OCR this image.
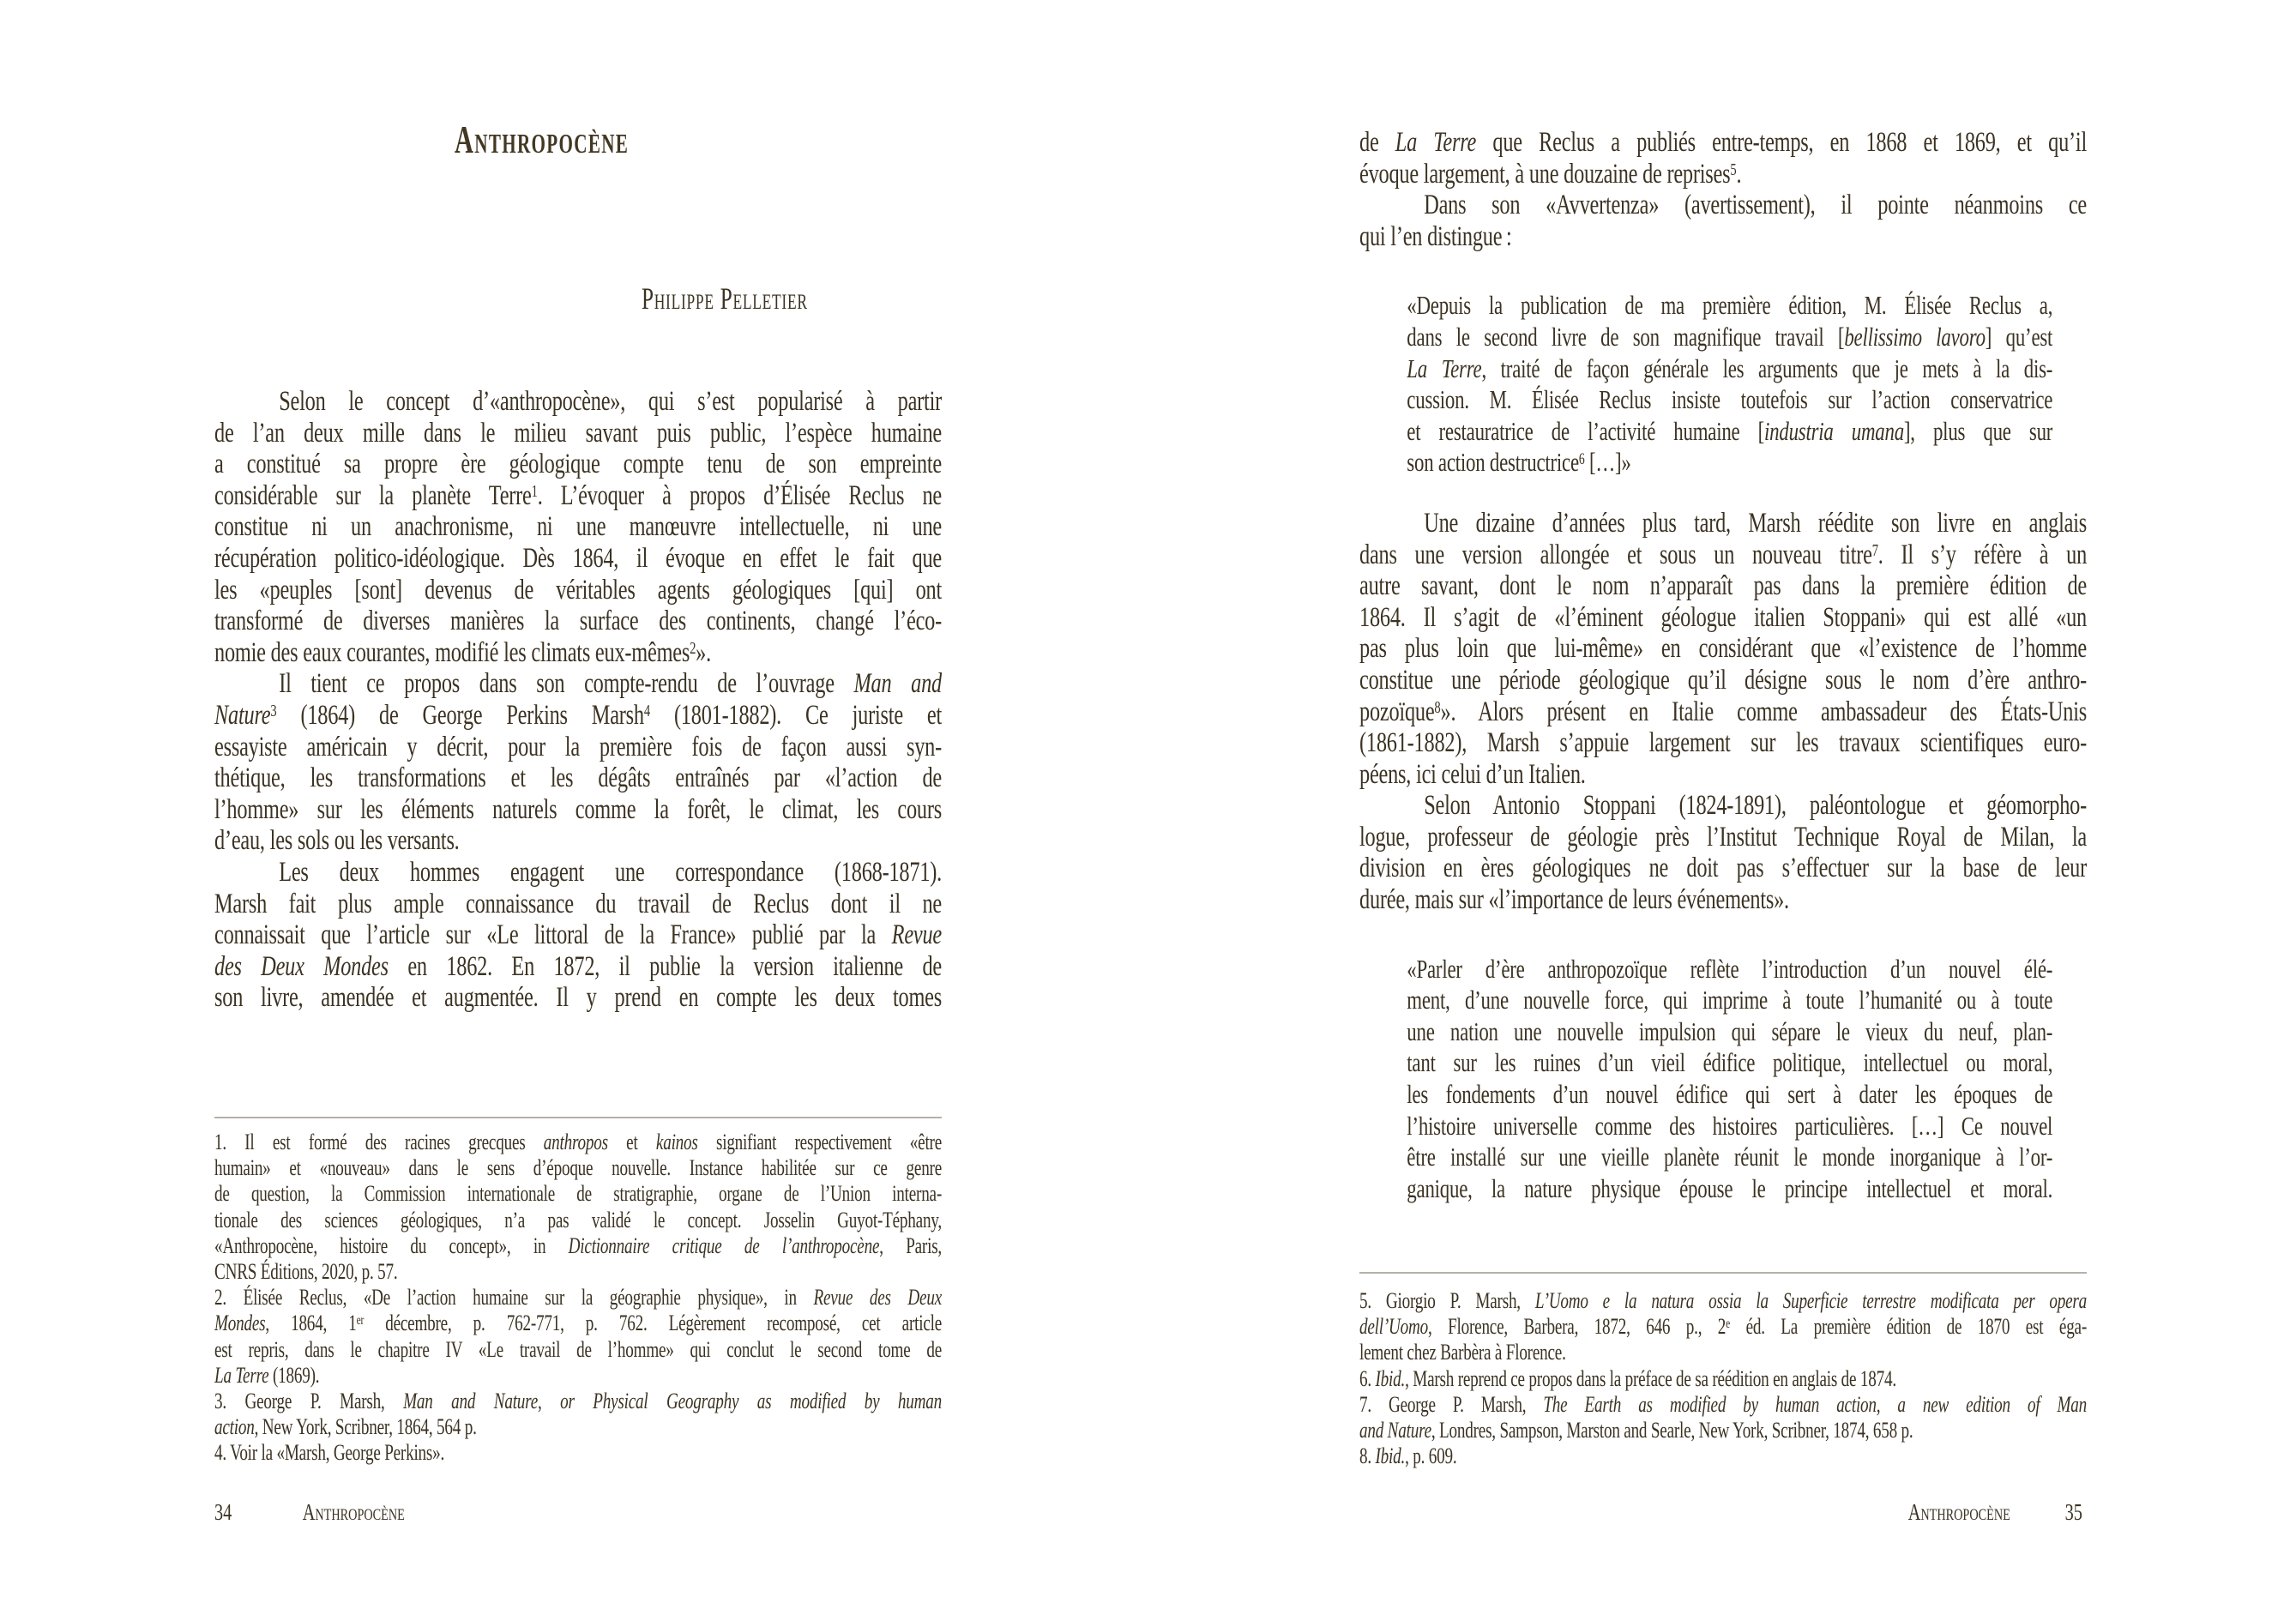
Anthropocène
Philippe Pelletier
Selon le concept d’«anthropocène», qui s’est popularisé à partir
de l’an deux mille dans le milieu savant puis public, l’espèce humaine
a constitué sa propre ère géologique compte tenu de son empreinte
considérable sur la planète Terre$^1$. L’évoquer à propos d’Élisée Reclus ne
constitue ni un anachronisme, ni une manœuvre intellectuelle, ni une
récupération politico-idéologique. Dès 1864, il évoque en effet le fait que
les «peuples [sont] devenus de véritables agents géologiques [qui] ont
transformé de diverses manières la surface des continents, changé l’éco-
nomie des eaux courantes, modifié les climats eux-mêmes$^2$».
Il tient ce propos dans son compte-rendu de l’ouvrage Man and
Nature$^3$ (1864) de George Perkins Marsh$^4$ (1801-1882). Ce juriste et
essayiste américain y décrit, pour la première fois de façon aussi syn-
thétique, les transformations et les dégâts entraînés par «l’action de
l’homme» sur les éléments naturels comme la forêt, le climat, les cours
d’eau, les sols ou les versants.
Les deux hommes engagent une correspondance (1868-1871).
Marsh fait plus ample connaissance du travail de Reclus dont il ne
connaissait que l’article sur «Le littoral de la France» publié par la Revue
des Deux Mondes en 1862. En 1872, il publie la version italienne de
son livre, amendée et augmentée. Il y prend en compte les deux tomes
1. Il est formé des racines grecques anthropos et kainos signifiant respectivement «être
humain» et «nouveau» dans le sens d’époque nouvelle. Instance habilitée sur ce genre
de question, la Commission internationale de stratigraphie, organe de l’Union interna-
tionale des sciences géologiques, n’a pas validé le concept. Josselin Guyot-Téphany,
«Anthropocène, histoire du concept», in Dictionnaire critique de l’anthropocène, Paris,
CNRS Éditions, 2020, p. 57.
2. Élisée Reclus, «De l’action humaine sur la géographie physique», in Revue des Deux
Mondes, 1864, 1er décembre, p. 762-771, p. 762. Légèrement recomposé, cet article
est repris, dans le chapitre IV «Le travail de l’homme» qui conclut le second tome de
La Terre (1869).
3. George P. Marsh, Man and Nature, or Physical Geography as modified by human
action, New York, Scribner, 1864, 564 p.
4. Voir la «Marsh, George Perkins».
34	Anthropocène
de La Terre que Reclus a publiés entre-temps, en 1868 et 1869, et qu’il
évoque largement, à une douzaine de reprises$^5$.
Dans son «Avvertenza» (avertissement), il pointe néanmoins ce
qui l’en distingue :
«Depuis la publication de ma première édition, M. Élisée Reclus a,
dans le second livre de son magnifique travail [bellissimo lavoro] qu’est
La Terre, traité de façon générale les arguments que je mets à la dis-
cussion. M. Élisée Reclus insiste toutefois sur l’action conservatrice
et restauratrice de l’activité humaine [industria umana], plus que sur
son action destructrice$^6$ […]»
Une dizaine d’années plus tard, Marsh réédite son livre en anglais
dans une version allongée et sous un nouveau titre$^7$. Il s’y réfère à un
autre savant, dont le nom n’apparaît pas dans la première édition de
1864. Il s’agit de «l’éminent géologue italien Stoppani» qui est allé «un
pas plus loin que lui-même» en considérant que «l’existence de l’homme
constitue une période géologique qu’il désigne sous le nom d’ère anthro-
pozoïque$^8$». Alors présent en Italie comme ambassadeur des États-Unis
(1861-1882), Marsh s’appuie largement sur les travaux scientifiques euro-
péens, ici celui d’un Italien.
Selon Antonio Stoppani (1824-1891), paléontologue et géomorpho-
logue, professeur de géologie près l’Institut Technique Royal de Milan, la
division en ères géologiques ne doit pas s’effectuer sur la base de leur
durée, mais sur «l’importance de leurs événements».
«Parler d’ère anthropozoïque reflète l’introduction d’un nouvel élé-
ment, d’une nouvelle force, qui imprime à toute l’humanité ou à toute
une nation une nouvelle impulsion qui sépare le vieux du neuf, plan-
tant sur les ruines d’un vieil édifice politique, intellectuel ou moral,
les fondements d’un nouvel édifice qui sert à dater les époques de
l’histoire universelle comme des histoires particulières. […] Ce nouvel
être installé sur une vieille planète réunit le monde inorganique à l’or-
ganique, la nature physique épouse le principe intellectuel et moral.
5. Giorgio P. Marsh, L’Uomo e la natura ossia la Superficie terrestre modificata per opera
dell’Uomo, Florence, Barbera, 1872, 646 p., 2e éd. La première édition de 1870 est éga-
lement chez Barbèra à Florence.
6. Ibid., Marsh reprend ce propos dans la préface de sa réédition en anglais de 1874.
7. George P. Marsh, The Earth as modified by human action, a new edition of Man
and Nature, Londres, Sampson, Marston and Searle, New York, Scribner, 1874, 658 p.
8. Ibid., p. 609.
Anthropocène 35
